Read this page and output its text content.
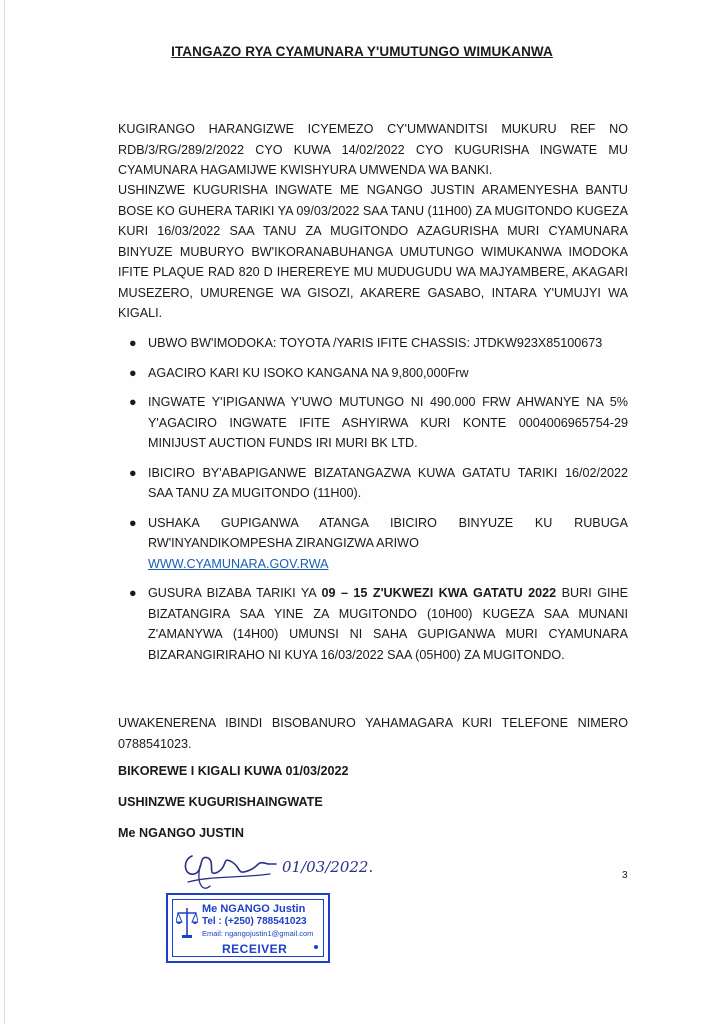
ITANGAZO RYA CYAMUNARA Y'UMUTUNGO WIMUKANWA

KUGIRANGO HARANGIZWE ICYEMEZO CY'UMWANDITSI MUKURU REF NO RDB/3/RG/289/2/2022 CYO KUWA 14/02/2022 CYO KUGURISHA INGWATE MU CYAMUNARA HAGAMIJWE KWISHYURA UMWENDA WA BANKI.

USHINZWE KUGURISHA INGWATE ME NGANGO JUSTIN ARAMENYESHA BANTU BOSE KO GUHERA TARIKI YA 09/03/2022 SAA TANU (11H00) ZA MUGITONDO KUGEZA KURI 16/03/2022 SAA TANU ZA MUGITONDO AZAGURISHA MURI CYAMUNARA BINYUZE MUBURYO BW'IKORANABUHANGA UMUTUNGO WIMUKANWA IMODOKA IFITE PLAQUE RAD 820 D IHEREREYE MU MUDUGUDU WA MAJYAMBERE, AKAGARI MUSEZERO, UMURENGE WA GISOZI, AKARERE GASABO, INTARA Y'UMUJYI WA KIGALI.

● UBWO BW'IMODOKA: TOYOTA /YARIS IFITE CHASSIS: JTDKW923X85100673
● AGACIRO KARI KU ISOKO KANGANA NA 9,800,000Frw
● INGWATE Y'IPIGANWA Y'UWO MUTUNGO NI 490.000 FRW AHWANYE NA 5% Y'AGACIRO INGWATE IFITE ASHYIRWA KURI KONTE 0004006965754-29 MINIJUST AUCTION FUNDS IRI MURI BK LTD.
● IBICIRO BY'ABAPIGANWE BIZATANGAZWA KUWA GATATU TARIKI 16/02/2022 SAA TANU ZA MUGITONDO (11H00).
● USHAKA GUPIGANWA ATANGA IBICIRO BINYUZE KU RUBUGA RW'INYANDIKOMPESHA ZIRANGIZWA ARIWO
WWW.CYAMUNARA.GOV.RWA
● GUSURA BIZABA TARIKI YA 09 – 15 Z'UKWEZI KWA GATATU 2022 BURI GIHE BIZATANGIRA SAA YINE ZA MUGITONDO (10H00) KUGEZA SAA MUNANI Z'AMANYWA (14H00) UMUNSI NI SAHA GUPIGANWA MURI CYAMUNARA BIZARANGIRIRAHO NI KUYA 16/03/2022 SAA (05H00) ZA MUGITONDO.

UWAKENERENA IBINDI BISOBANURO YAHAMAGARA KURI TELEFONE NIMERO 0788541023.

BIKOREWE I KIGALI KUWA 01/03/2022
USHINZWE KUGURISHAINGWATE
Me NGANGO JUSTIN
01/03/2022.	3
Me NGANGO Justin
Tel : (+250) 788541023
Email: ngangojustin1@gmail.com
RECEIVER
